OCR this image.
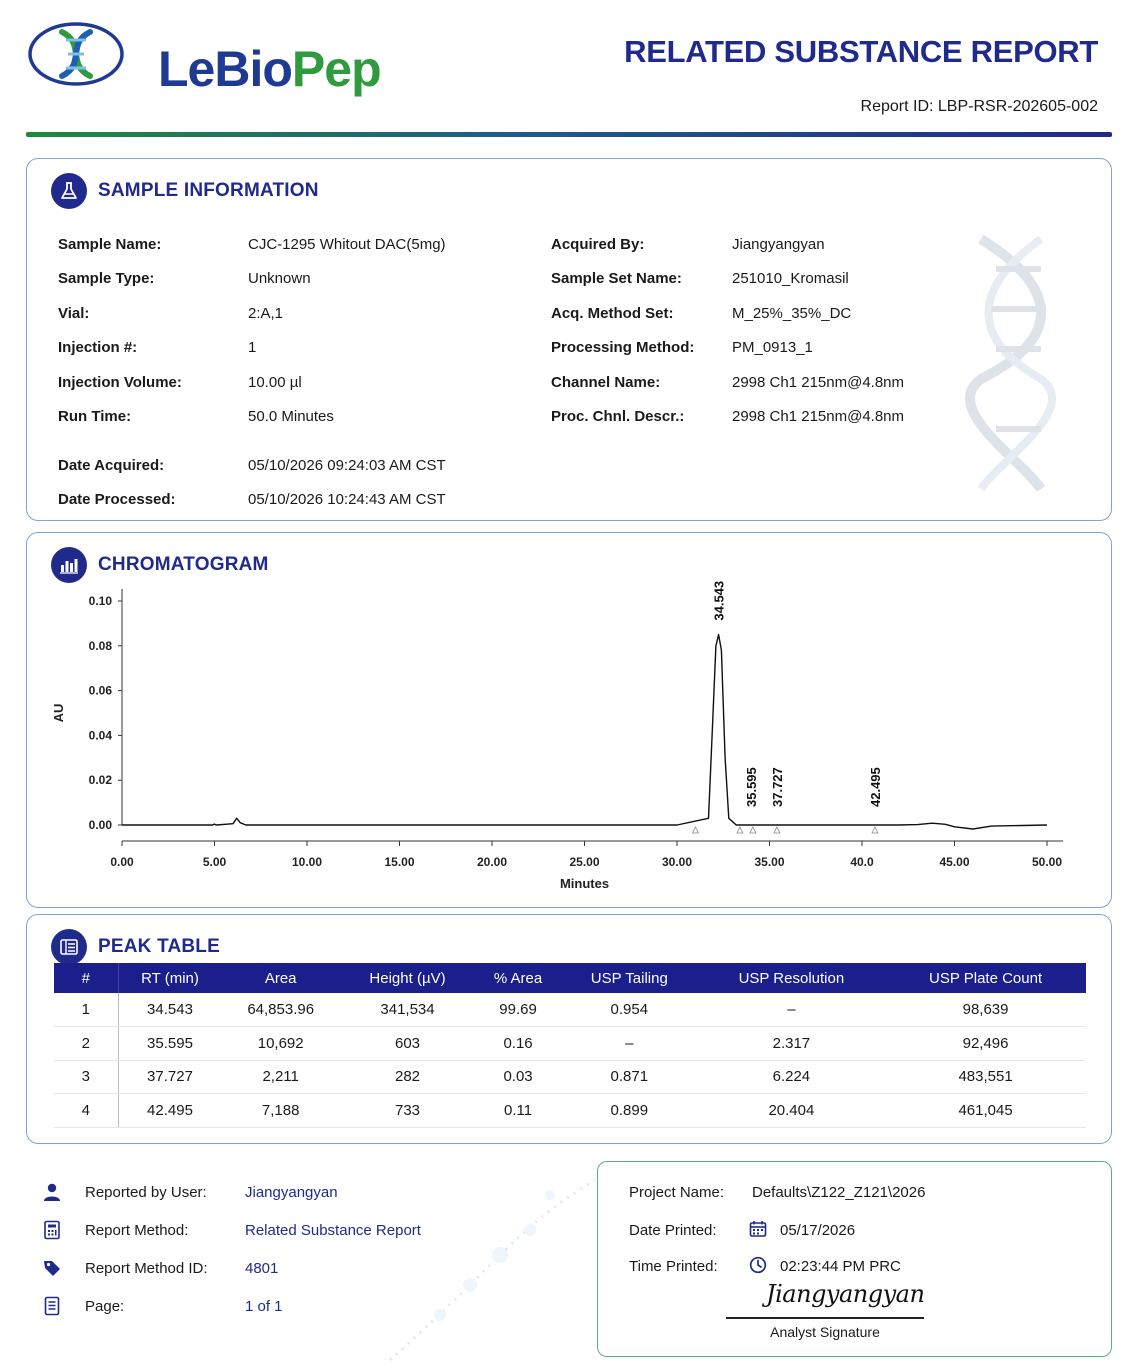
LeBioPep	RELATED SUBSTANCE REPORT
Report ID: LBP-RSR-202605-002
SAMPLE INFORMATION
Sample Name:	CJC-1295 Whitout DAC(5mg)
Sample Type:	Unknown
Vial:	2:A,1
Injection #:	1
Injection Volume:	10.00 µl
Run Time:	50.0 Minutes
Acquired By:	Jiangyangyan
Sample Set Name:	251010_Kromasil
Acq. Method Set:	M_25%_35%_DC
Processing Method:	PM_0913_1
Channel Name:	2998 Ch1 215nm@4.8nm
Proc. Chnl. Descr.:	2998 Ch1 215nm@4.8nm
Date Acquired:	05/10/2026 09:24:03 AM CST
Date Processed:	05/10/2026 10:24:43 AM CST
CHROMATOGRAM
0.00
0.02
0.04
0.06
0.08
0.10
0.00	5.00	10.00	15.00	20.00	25.00	30.00	35.00	40.0	45.00	50.00
AU
Minutes
34.543
35.595 37.727	42.495
PEAK TABLE
#	RT (min)	Area	Height (µV)	% Area	USP Tailing	USP Resolution	USP Plate Count
1	34.543	64,853.96	341,534	99.69	0.954	–	98,639
2	35.595	10,692	603	0.16	–	2.317	92,496
3	37.727	2,211	282	0.03	0.871	6.224	483,551
4	42.495	7,188	733	0.11	0.899	20.404	461,045
Reported by User:	Jiangyangyan
Report Method:	Related Substance Report
Report Method ID: 4801
Page:	1 of 1
Project Name: Defaults\Z122_Z121\2026
Date Printed:	05/17/2026
Time Printed:	02:23:44 PM PRC
Jiangyangyan
Analyst Signature
